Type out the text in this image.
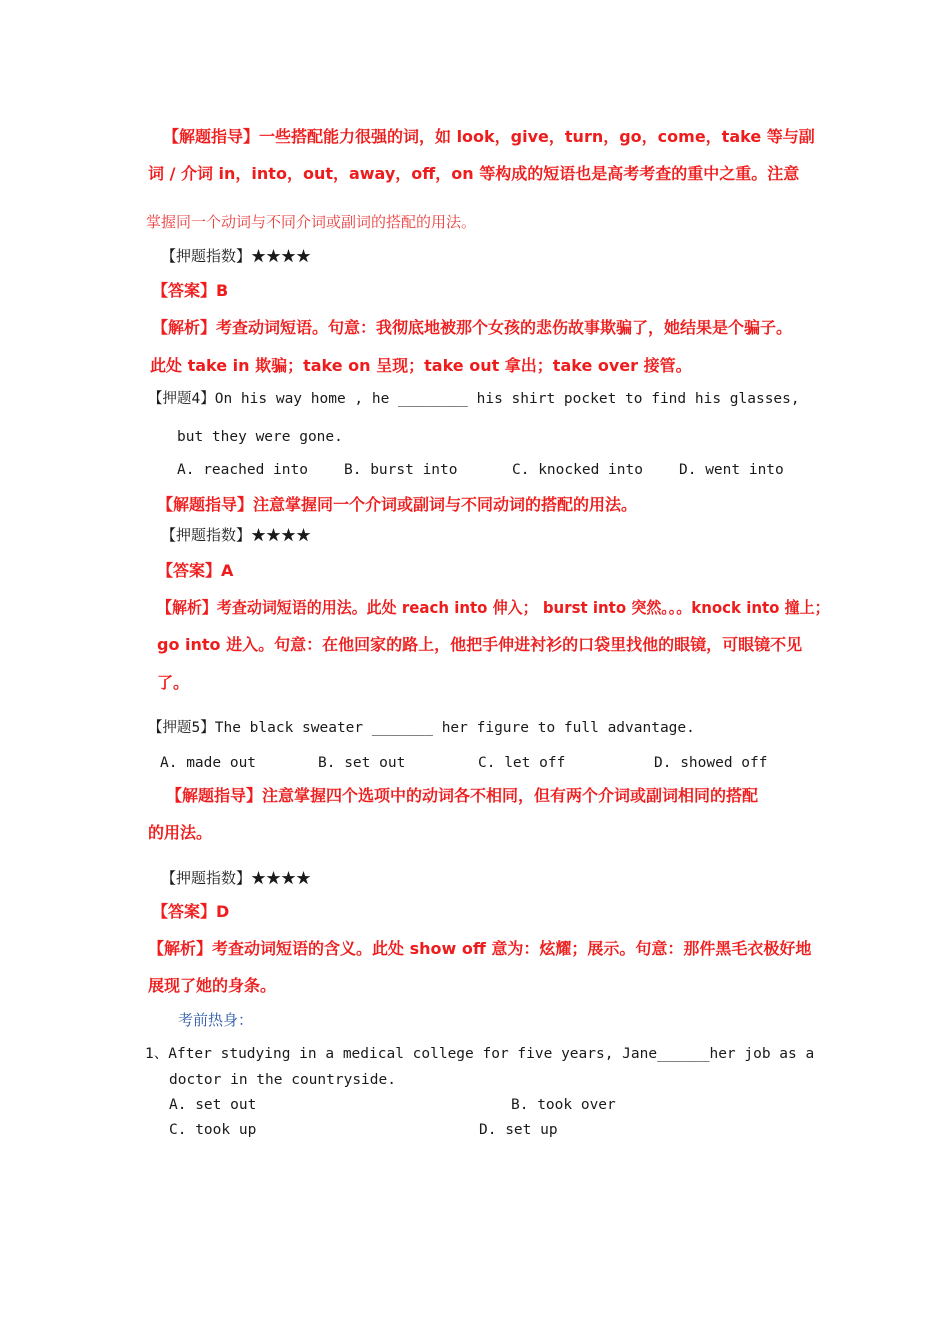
【解题指导】一些搭配能力很强的词，如 look，give，turn，go，come，take 等与副
词 / 介词 in，into，out，away，off，on 等构成的短语也是高考考查的重中之重。注意
掌握同一个动词与不同介词或副词的搭配的用法。
【押题指数】★★★★
【答案】B
【解析】考查动词短语。句意：我彻底地被那个女孩的悲伤故事欺骗了，她结果是个骗子。
此处 take in 欺骗；take on 呈现；take out 拿出；take over 接管。
【押题4】On his way home , he ________ his shirt pocket to find his glasses,
but they were gone.
A. reached into B. burst into	C. knocked into D. went into
【解题指导】注意掌握同一个介词或副词与不同动词的搭配的用法。
【押题指数】★★★★
【答案】A
【解析】考查动词短语的用法。此处 reach into 伸入； burst into 突然。。。knock into 撞上；
go into 进入。句意：在他回家的路上，他把手伸进衬衫的口袋里找他的眼镜，可眼镜不见
了。
【押题5】The black sweater _______ her figure to full advantage.
A. made out	B. set out	C. let off	D. showed off
【解题指导】注意掌握四个选项中的动词各不相同，但有两个介词或副词相同的搭配
的用法。
【押题指数】★★★★
【答案】D
【解析】考查动词短语的含义。此处 show off 意为：炫耀；展示。句意：那件黑毛衣极好地
展现了她的身条。
考前热身：
1、After studying in a medical college for five years, Jane______her job as a
doctor in the countryside.
A. set out	B. took over
C. took up	D. set up
